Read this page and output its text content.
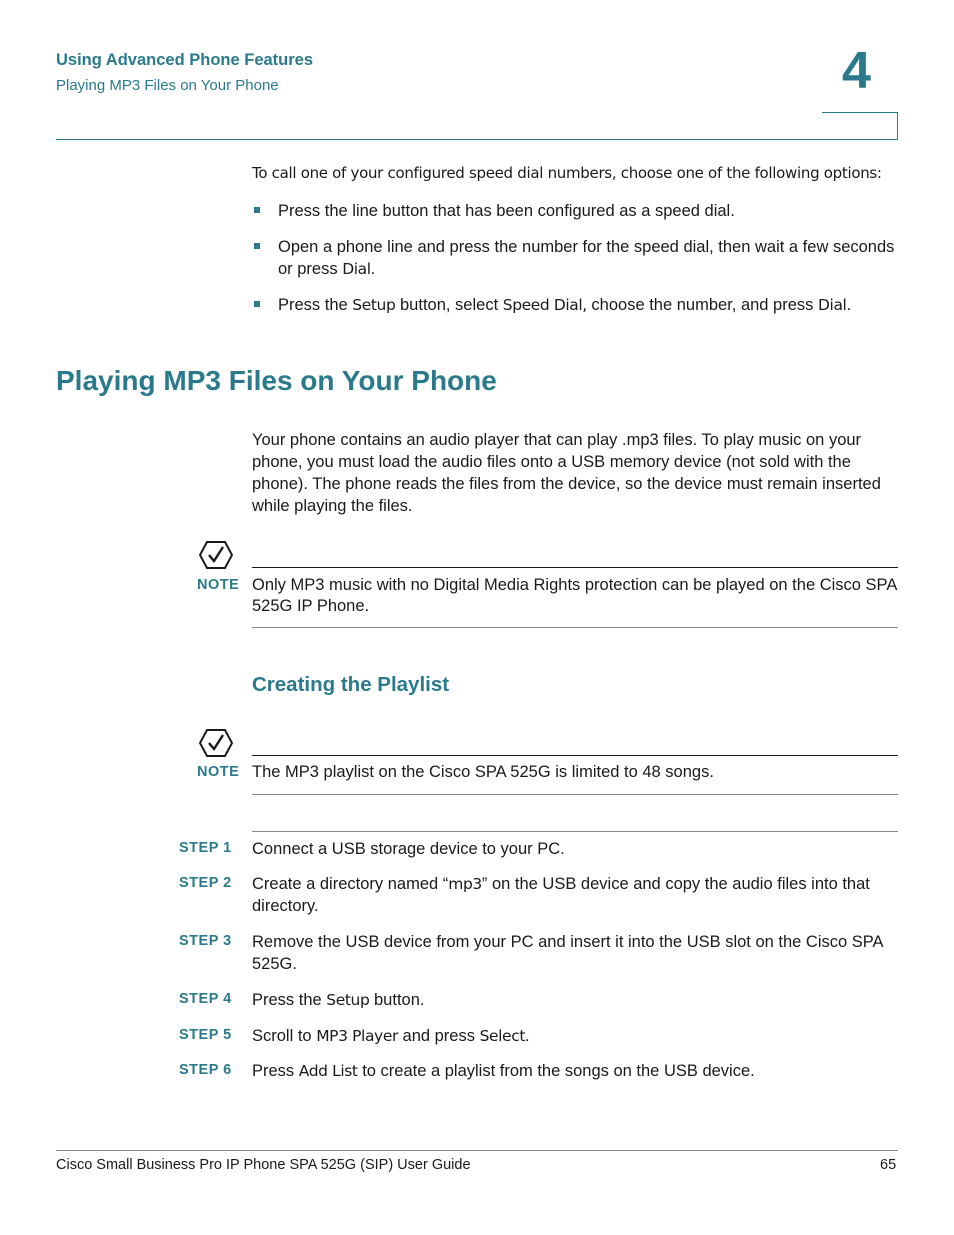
Using Advanced Phone Features
Playing MP3 Files on Your Phone	4
To call one of your configured speed dial numbers, choose one of the following options:
Press the line button that has been configured as a speed dial.
Open a phone line and press the number for the speed dial, then wait a few seconds or press Dial.
Press the Setup button, select Speed Dial, choose the number, and press Dial.
Playing MP3 Files on Your Phone
Your phone contains an audio player that can play .mp3 files. To play music on your phone, you must load the audio files onto a USB memory device (not sold with the phone). The phone reads the files from the device, so the device must remain inserted while playing the files.
NOTE Only MP3 music with no Digital Media Rights protection can be played on the Cisco SPA 525G IP Phone.
Creating the Playlist
NOTE The MP3 playlist on the Cisco SPA 525G is limited to 48 songs.
STEP 1 Connect a USB storage device to your PC.
STEP 2 Create a directory named “mp3” on the USB device and copy the audio files into that directory.
STEP 3 Remove the USB device from your PC and insert it into the USB slot on the Cisco SPA 525G.
STEP 4 Press the Setup button.
STEP 5 Scroll to MP3 Player and press Select.
STEP 6 Press Add List to create a playlist from the songs on the USB device.
Cisco Small Business Pro IP Phone SPA 525G (SIP) User Guide	65
